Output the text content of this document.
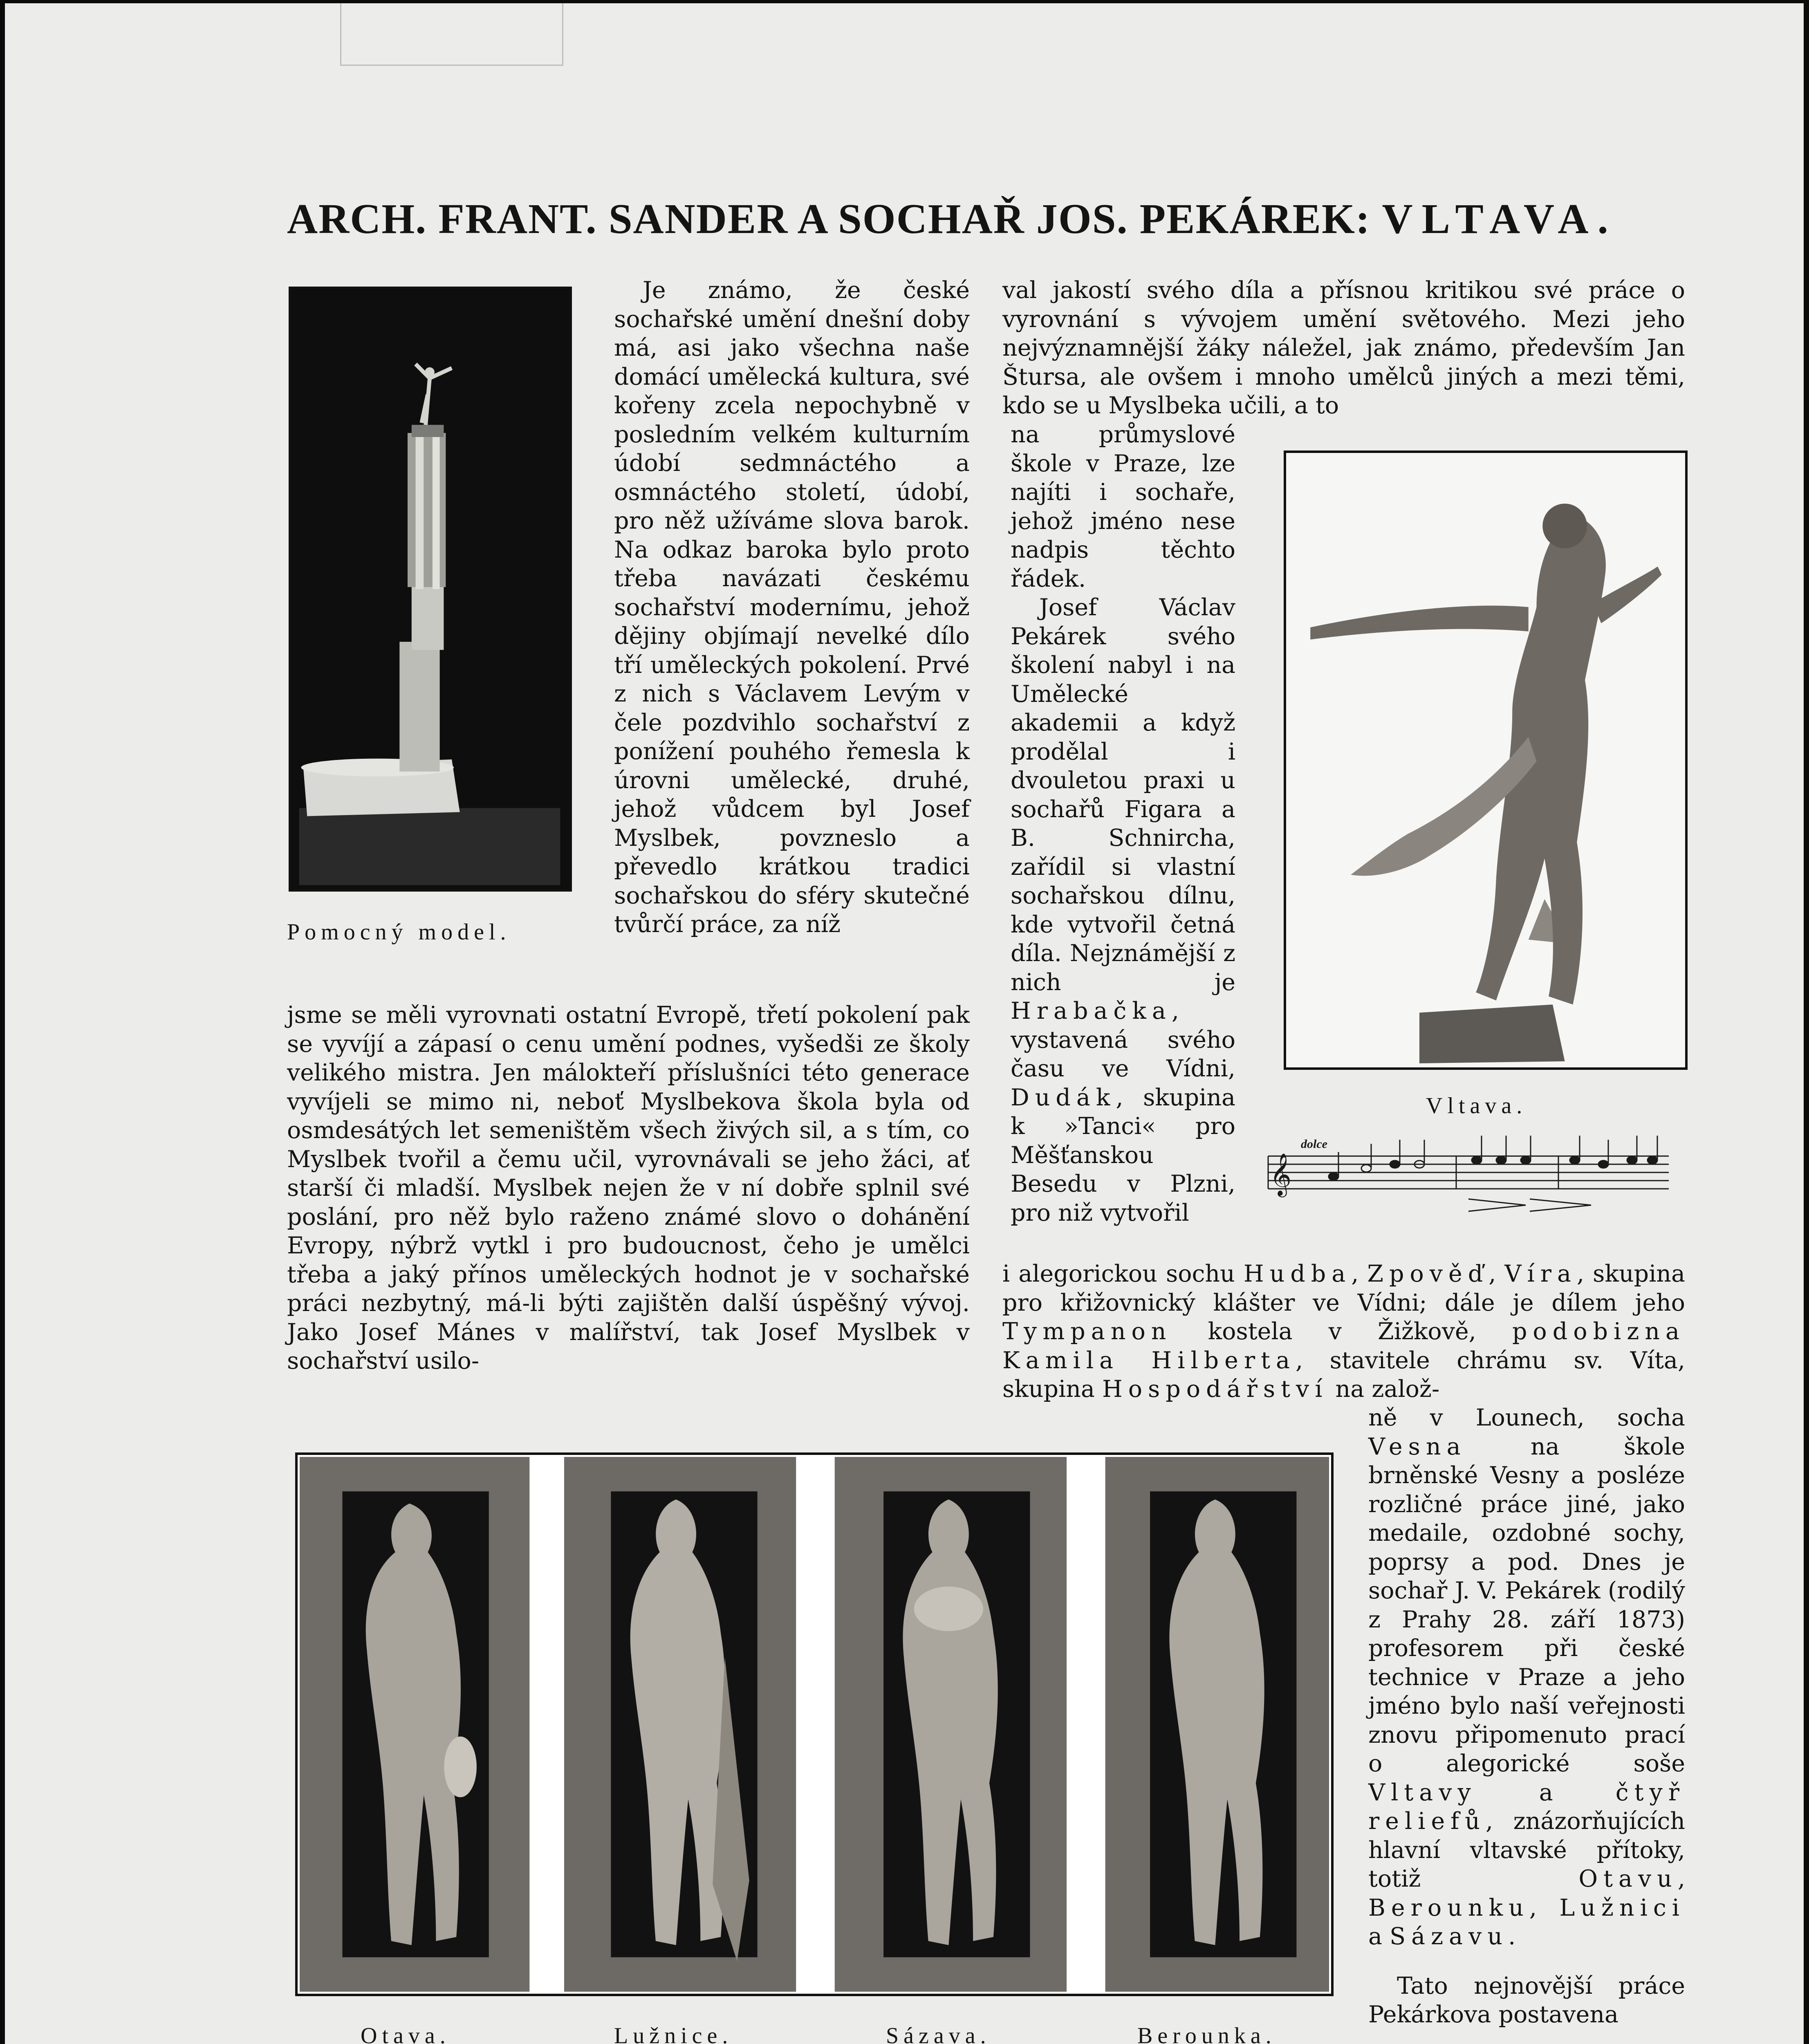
ARCH. FRANT. SANDER A SOCHAŘ JOS. PEKÁREK: VLTAVA.
Pomocný model.

Je známo, že české sochařské umění dnešní doby má, asi jako všechna naše domácí umělecká kultura, své kořeny zcela nepochybně v posledním velkém kulturním údobí sedmnáctého a osmnáctého století, údobí, pro něž užíváme slova barok. Na odkaz baroka bylo proto třeba navázati českému sochařství modernímu, jehož dějiny objímají nevelké dílo tří uměleckých pokolení. Prvé z nich s Václavem Levým v čele pozdvihlo sochařství z ponížení pouhého řemesla k úrovni umělecké, druhé, jehož vůdcem byl Josef Myslbek, povzneslo a převedlo krátkou tradici sochařskou do sféry skutečné tvůrčí práce, za níž

jsme se měli vyrovnati ostatní Evropě, třetí pokolení pak se vyvíjí a zápasí o cenu umění podnes, vyšedši ze školy velikého mistra. Jen málokteří příslušníci této generace vyvíjeli se mimo ni, neboť Myslbekova škola byla od osmdesátých let semeništěm všech živých sil, a s tím, co Myslbek tvořil a čemu učil, vyrovnávali se jeho žáci, ať starší či mladší. Myslbek nejen že v ní dobře splnil své poslání, pro něž bylo raženo známé slovo o dohánění Evropy, nýbrž vytkl i pro budoucnost, čeho je umělci třeba a jaký přínos uměleckých hodnot je v sochařské práci nezbytný, má-li býti zajištěn další úspěšný vývoj. Jako Josef Mánes v malířství, tak Josef Myslbek v sochařství usilo-

val jakostí svého díla a přísnou kritikou své práce o vyrovnání s vývojem umění světového. Mezi jeho nejvýznamnější žáky náležel, jak známo, především Jan Štursa, ale ovšem i mnoho umělců jiných a mezi těmi, kdo se u Myslbeka učili, a to

na průmyslové škole v Praze, lze najíti i sochaře, jehož jméno nese nadpis těchto řádek.

Josef Václav Pekárek svého školení nabyl i na Umělecké akademii a když prodělal i dvouletou praxi u sochařů Figara a B. Schnircha, zařídil si vlastní sochařskou dílnu, kde vytvořil četná díla. Nejznámější z nich je Hrabačka, vystavená svého času ve Vídni, Dudák, skupina k »Tanci« pro Měšťanskou Besedu v Plzni, pro niž vytvořil

Vltava.
𝄞
dolce

i alegorickou sochu Hudba, Zpověď, Víra, skupina pro křižovnický klášter ve Vídni; dále je dílem jeho Tympanon kostela v Žižkově, podobizna Kamila Hilberta, stavitele chrámu sv. Víta, skupina Hospodářství na založ-

Otava.	Lužnice.	Sázava.	Berounka.

ně v Lounech, socha Vesna na škole brněnské Vesny a posléze rozličné práce jiné, jako medaile, ozdobné sochy, poprsy a pod. Dnes je sochař J. V. Pekárek (rodilý z Prahy 28. září 1873) profesorem při české technice v Praze a jeho jméno bylo naší veřejnosti znovu připomenuto prací o alegorické soše Vltavy a čtyř reliefů, znázorňujících hlavní vltavské přítoky, totiž Otavu, Berounku, Lužnici a Sázavu.

Tato nejnovější práce Pekárkova postavena
